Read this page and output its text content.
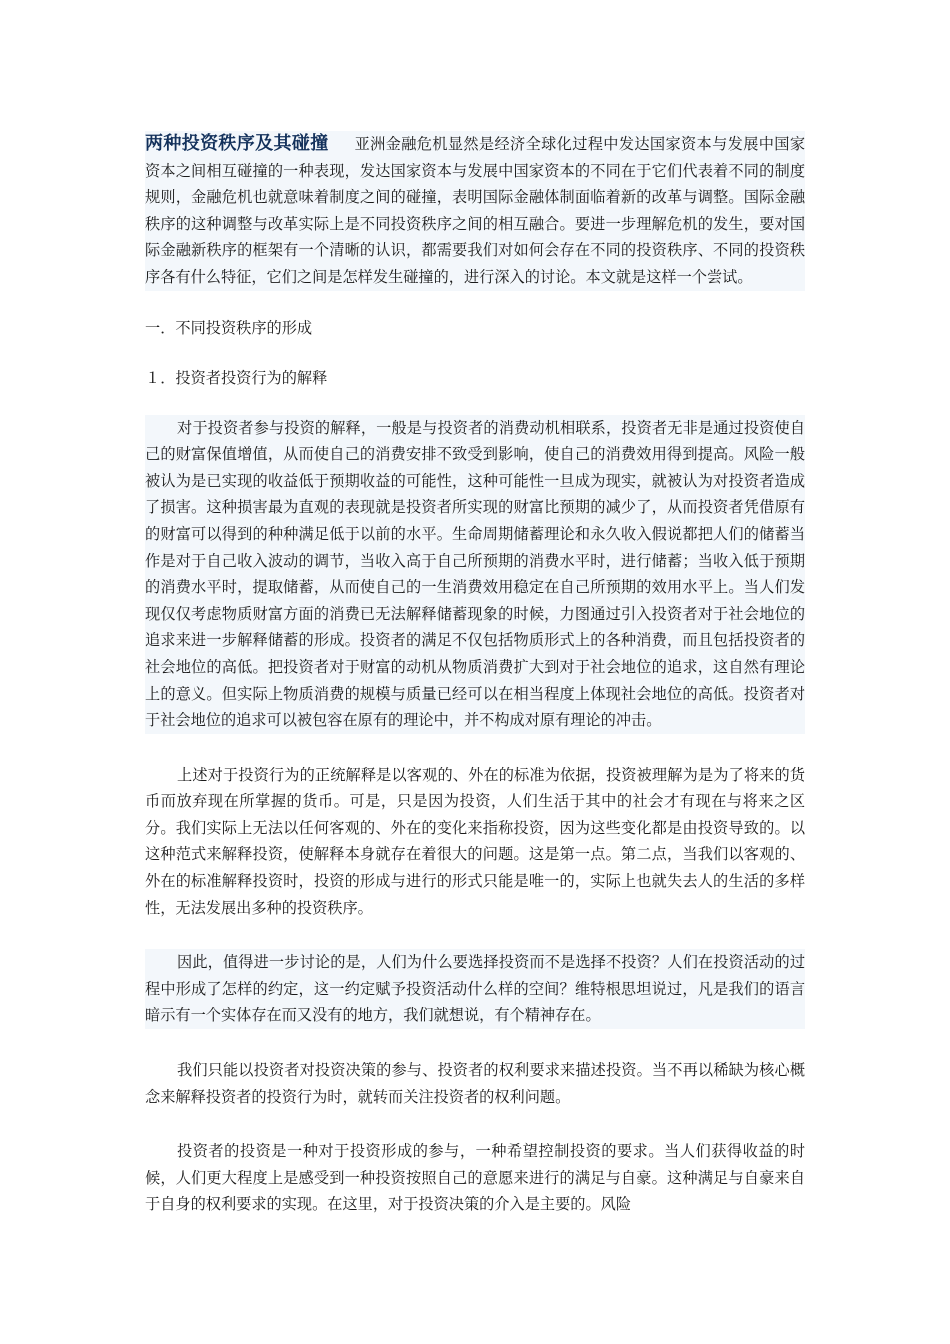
两种投资秩序及其碰撞 亚洲金融危机显然是经济全球化过程中发达国家资本与发展中国家资本之间相互碰撞的一种表现，发达国家资本与发展中国家资本的不同在于它们代表着不同的制度规则，金融危机也就意味着制度之间的碰撞，表明国际金融体制面临着新的改革与调整。国际金融秩序的这种调整与改革实际上是不同投资秩序之间的相互融合。要进一步理解危机的发生，要对国际金融新秩序的框架有一个清晰的认识，都需要我们对如何会存在不同的投资秩序、不同的投资秩序各有什么特征，它们之间是怎样发生碰撞的，进行深入的讨论。本文就是这样一个尝试。

一．不同投资秩序的形成

１．投资者投资行为的解释

对于投资者参与投资的解释，一般是与投资者的消费动机相联系，投资者无非是通过投资使自己的财富保值增值，从而使自己的消费安排不致受到影响，使自己的消费效用得到提高。风险一般被认为是已实现的收益低于预期收益的可能性，这种可能性一旦成为现实，就被认为对投资者造成了损害。这种损害最为直观的表现就是投资者所实现的财富比预期的减少了，从而投资者凭借原有的财富可以得到的种种满足低于以前的水平。生命周期储蓄理论和永久收入假说都把人们的储蓄当作是对于自己收入波动的调节，当收入高于自己所预期的消费水平时，进行储蓄；当收入低于预期的消费水平时，提取储蓄，从而使自己的一生消费效用稳定在自己所预期的效用水平上。当人们发现仅仅考虑物质财富方面的消费已无法解释储蓄现象的时候，力图通过引入投资者对于社会地位的追求来进一步解释储蓄的形成。投资者的满足不仅包括物质形式上的各种消费，而且包括投资者的社会地位的高低。把投资者对于财富的动机从物质消费扩大到对于社会地位的追求，这自然有理论上的意义。但实际上物质消费的规模与质量已经可以在相当程度上体现社会地位的高低。投资者对于社会地位的追求可以被包容在原有的理论中，并不构成对原有理论的冲击。

上述对于投资行为的正统解释是以客观的、外在的标准为依据，投资被理解为是为了将来的货币而放弃现在所掌握的货币。可是，只是因为投资，人们生活于其中的社会才有现在与将来之区分。我们实际上无法以任何客观的、外在的变化来指称投资，因为这些变化都是由投资导致的。以这种范式来解释投资，使解释本身就存在着很大的问题。这是第一点。第二点，当我们以客观的、外在的标准解释投资时，投资的形成与进行的形式只能是唯一的，实际上也就失去人的生活的多样性，无法发展出多种的投资秩序。

因此，值得进一步讨论的是，人们为什么要选择投资而不是选择不投资？人们在投资活动的过程中形成了怎样的约定，这一约定赋予投资活动什么样的空间？维特根思坦说过，凡是我们的语言暗示有一个实体存在而又没有的地方，我们就想说，有个精神存在。

我们只能以投资者对投资决策的参与、投资者的权利要求来描述投资。当不再以稀缺为核心概念来解释投资者的投资行为时，就转而关注投资者的权利问题。

投资者的投资是一种对于投资形成的参与，一种希望控制投资的要求。当人们获得收益的时候，人们更大程度上是感受到一种投资按照自己的意愿来进行的满足与自豪。这种满足与自豪来自于自身的权利要求的实现。在这里，对于投资决策的介入是主要的。风险
